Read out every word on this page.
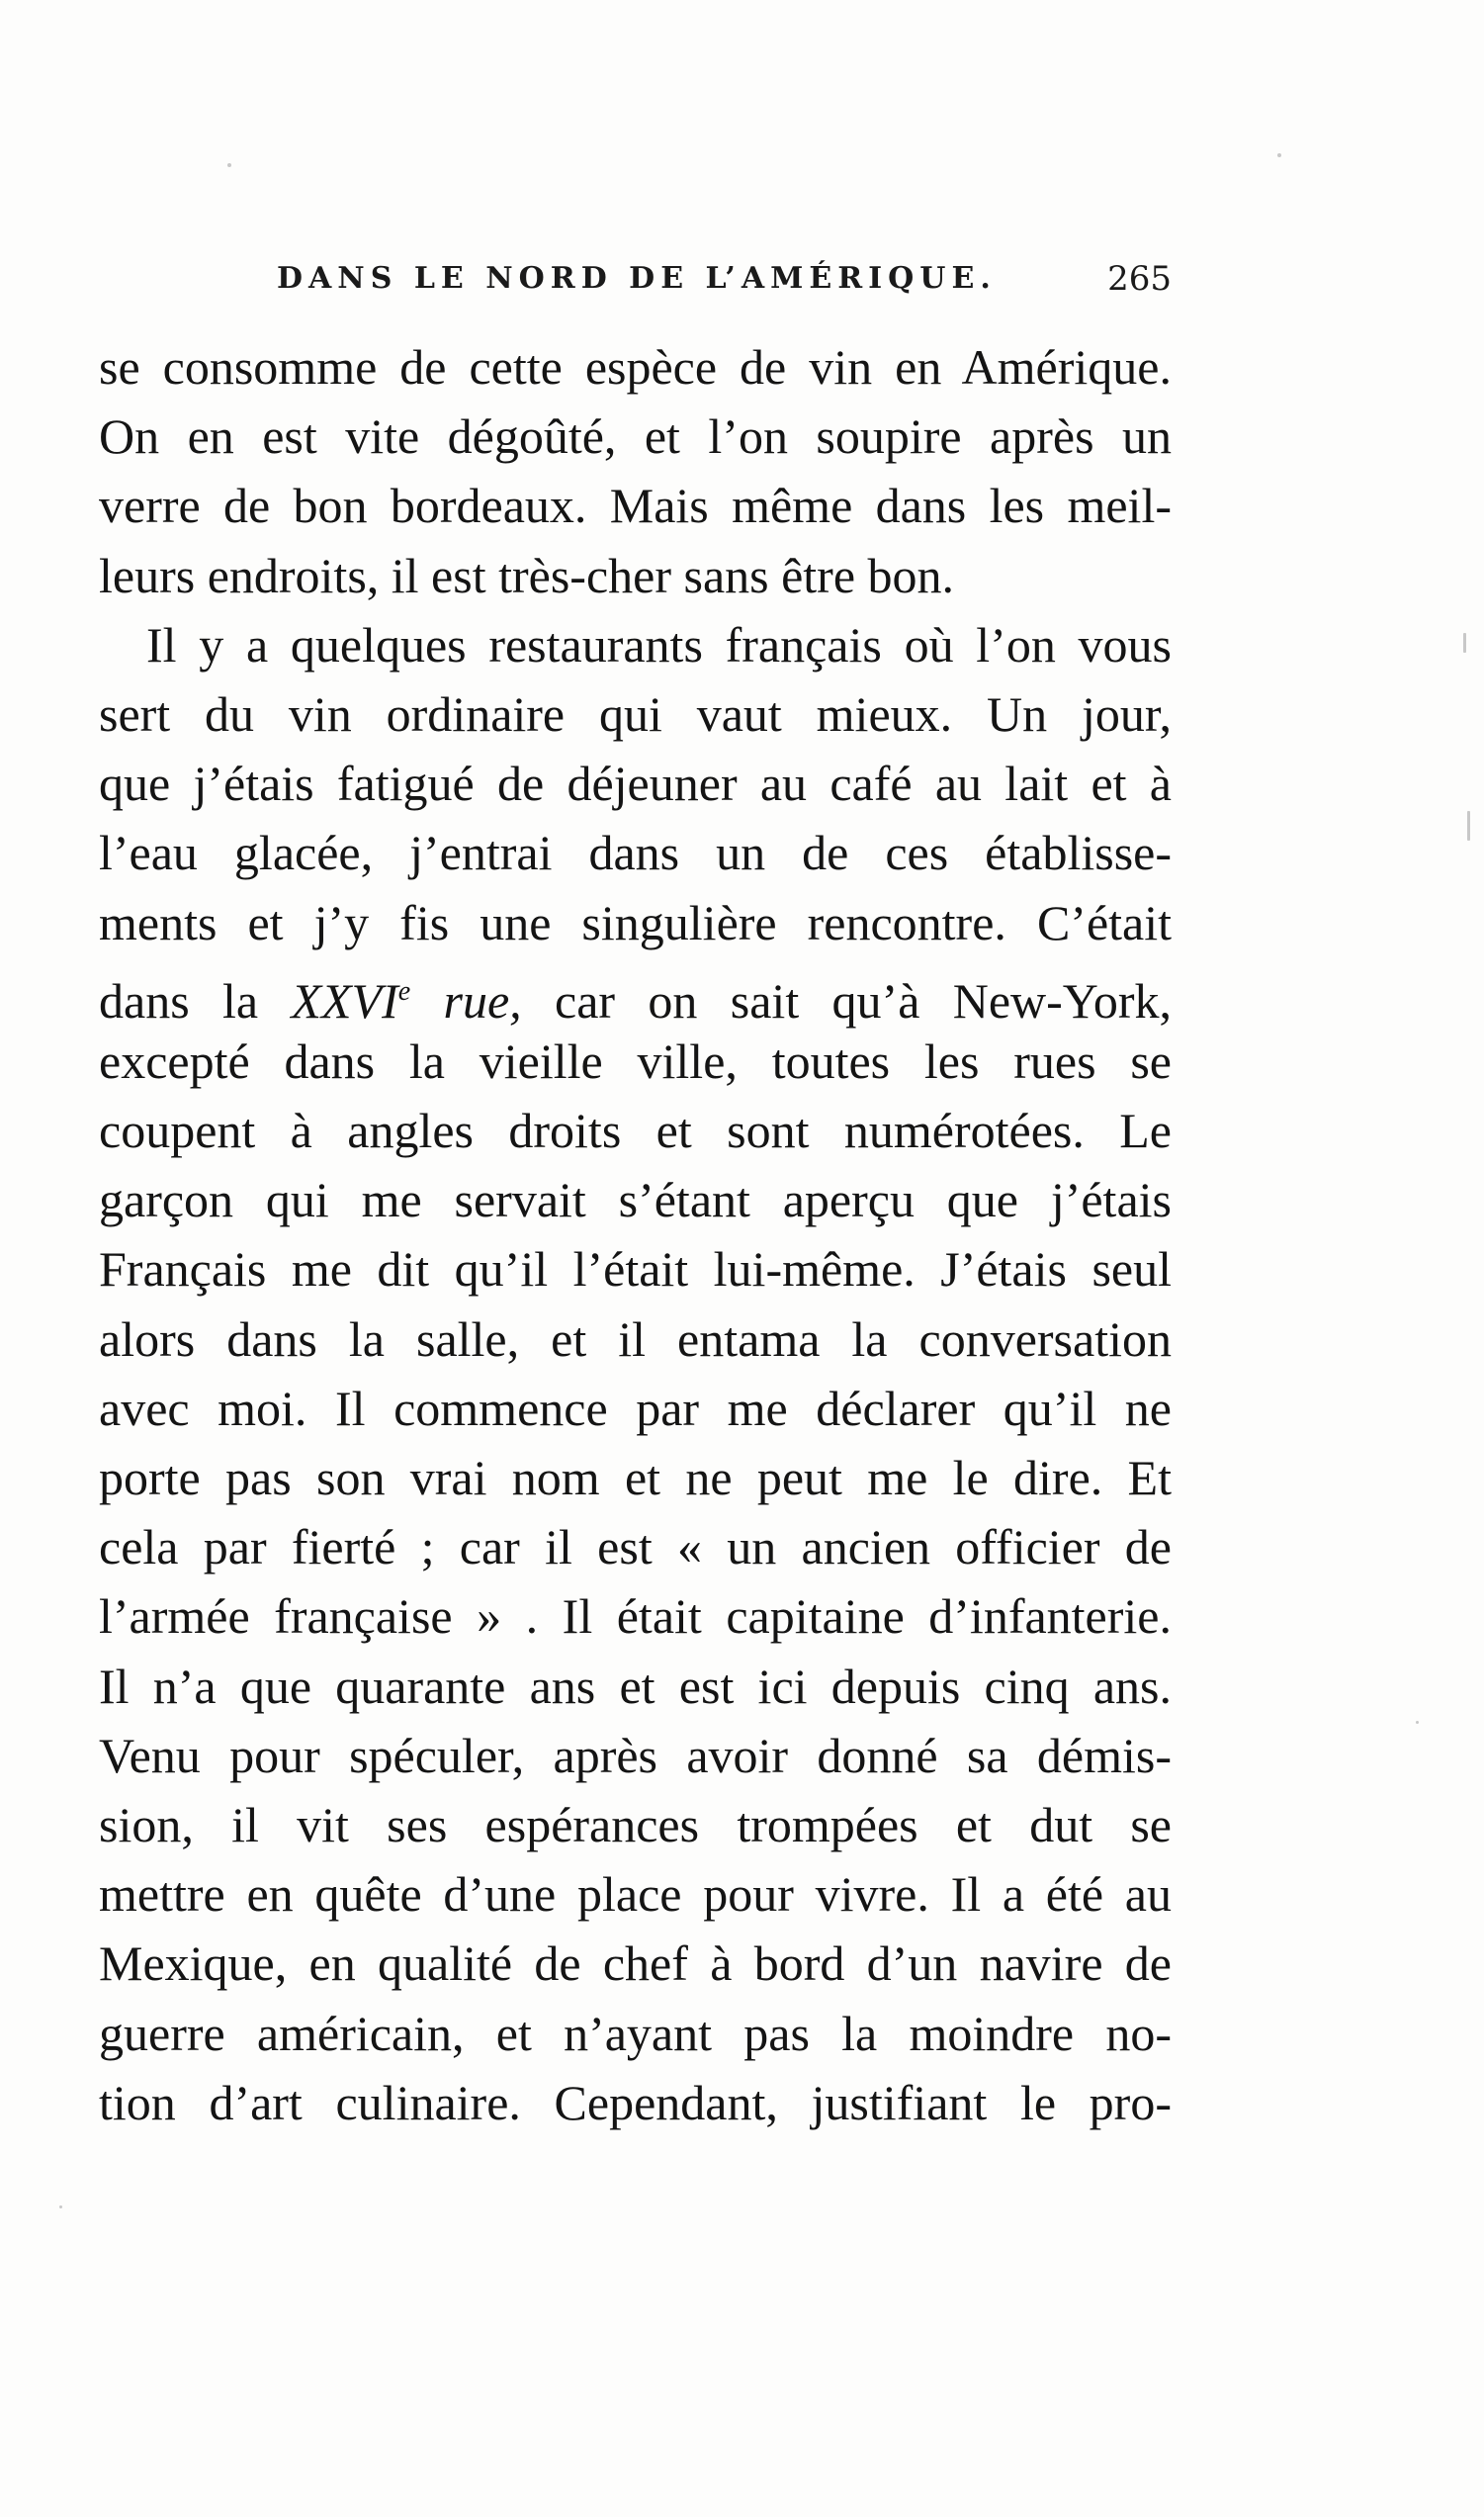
DANS LE NORD DE L’AMÉRIQUE.	265
se consomme de cette espèce de vin en Amérique.
On en est vite dégoûté, et l’on soupire après un
verre de bon bordeaux. Mais même dans les meil-
leurs endroits, il est très-cher sans être bon.
Il y a quelques restaurants français où l’on vous
sert du vin ordinaire qui vaut mieux. Un jour,
que j’étais fatigué de déjeuner au café au lait et à
l’eau glacée, j’entrai dans un de ces établisse-
ments et j’y fis une singulière rencontre. C’était
dans la XXVIe rue, car on sait qu’à New-York,
excepté dans la vieille ville, toutes les rues se
coupent à angles droits et sont numérotées. Le
garçon qui me servait s’étant aperçu que j’étais
Français me dit qu’il l’était lui-même. J’étais seul
alors dans la salle, et il entama la conversation
avec moi. Il commence par me déclarer qu’il ne
porte pas son vrai nom et ne peut me le dire. Et
cela par fierté ; car il est « un ancien officier de
l’armée française » . Il était capitaine d’infanterie.
Il n’a que quarante ans et est ici depuis cinq ans.
Venu pour spéculer, après avoir donné sa démis-
sion, il vit ses espérances trompées et dut se
mettre en quête d’une place pour vivre. Il a été au
Mexique, en qualité de chef à bord d’un navire de
guerre américain, et n’ayant pas la moindre no-
tion d’art culinaire. Cependant, justifiant le pro-
